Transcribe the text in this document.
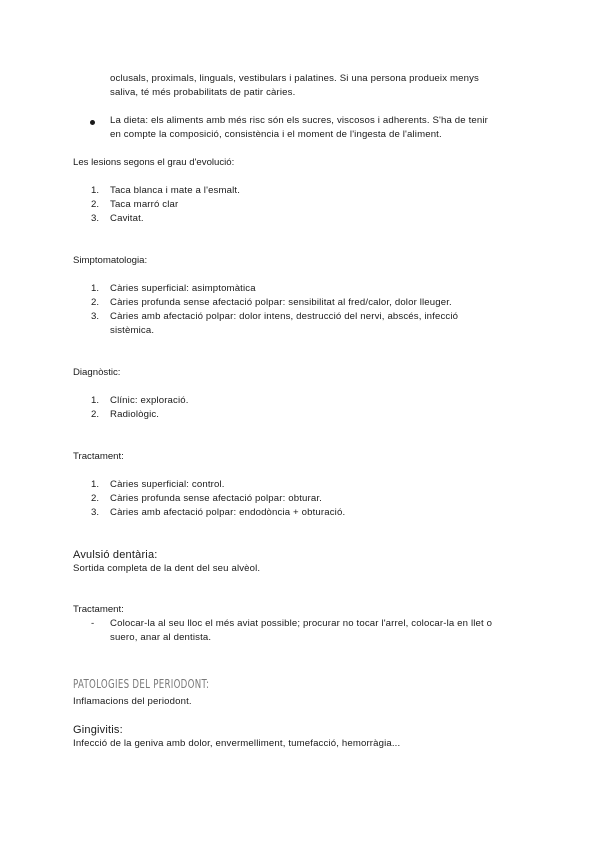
oclusals, proximals, linguals, vestibulars i palatines. Si una persona produeix menys
saliva, té més probabilitats de patir càries.
La dieta: els aliments amb més risc són els sucres, viscosos i adherents. S'ha de tenir
en compte la composició, consistència i el moment de l'ingesta de l'aliment.
Les lesions segons el grau d'evolució:
1. Taca blanca i mate a l'esmalt.
2. Taca marró clar
3. Cavitat.
Simptomatologia:
1. Càries superficial: asimptomàtica
2. Càries profunda sense afectació polpar: sensibilitat al fred/calor, dolor lleuger.
3. Càries amb afectació polpar: dolor intens, destrucció del nervi, abscés, infecció
sistèmica.
Diagnòstic:
1. Clínic: exploració.
2. Radiològic.
Tractament:
1. Càries superficial: control.
2. Càries profunda sense afectació polpar: obturar.
3. Càries amb afectació polpar: endodòncia + obturació.
Avulsió dentària:
Sortida completa de la dent del seu alvèol.
Tractament:
- Colocar-la al seu lloc el més aviat possible; procurar no tocar l'arrel, colocar-la en llet o
suero, anar al dentista.
PATOLOGIES DEL PERIODONT:
Inflamacions del periodont.
Gingivitis:
Infecció de la geniva amb dolor, envermelliment, tumefacció, hemorràgia...
